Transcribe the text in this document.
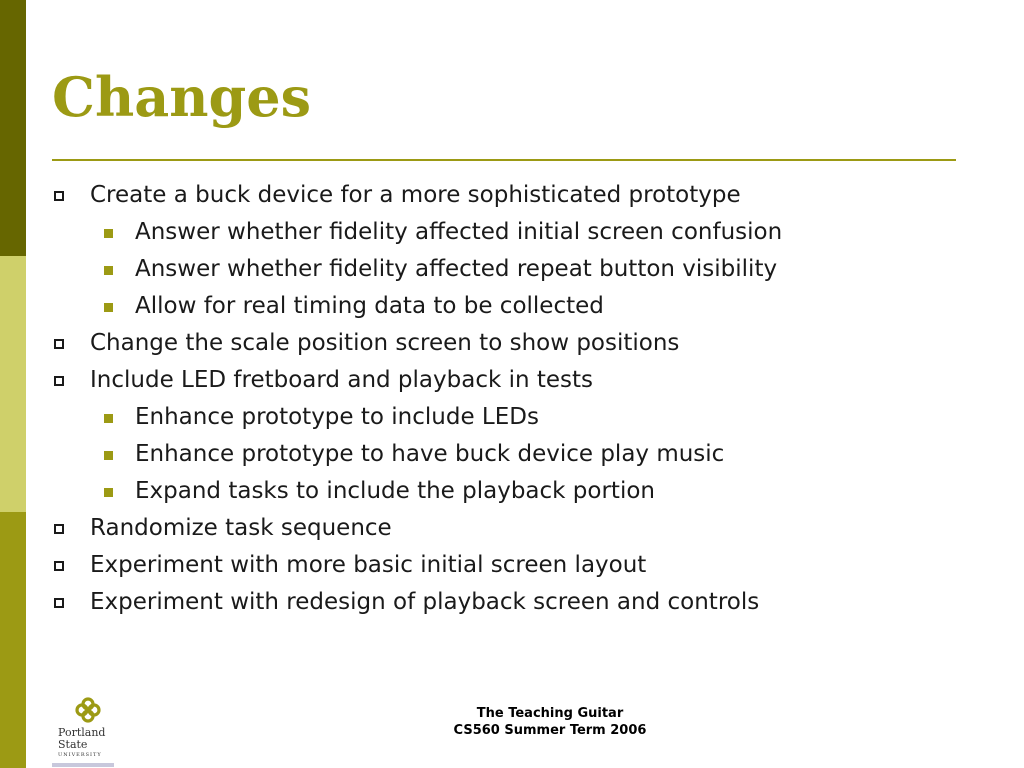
Changes
Create a buck device for a more sophisticated prototype
Answer whether fidelity affected initial screen confusion
Answer whether fidelity affected repeat button visibility
Allow for real timing data to be collected
Change the scale position screen to show positions
Include LED fretboard and playback in tests
Enhance prototype to include LEDs
Enhance prototype to have buck device play music
Expand tasks to include the playback portion
Randomize task sequence
Experiment with more basic initial screen layout
Experiment with redesign of playback screen and controls
Portland
State
UNIVERSITY
The Teaching Guitar
CS560 Summer Term 2006
